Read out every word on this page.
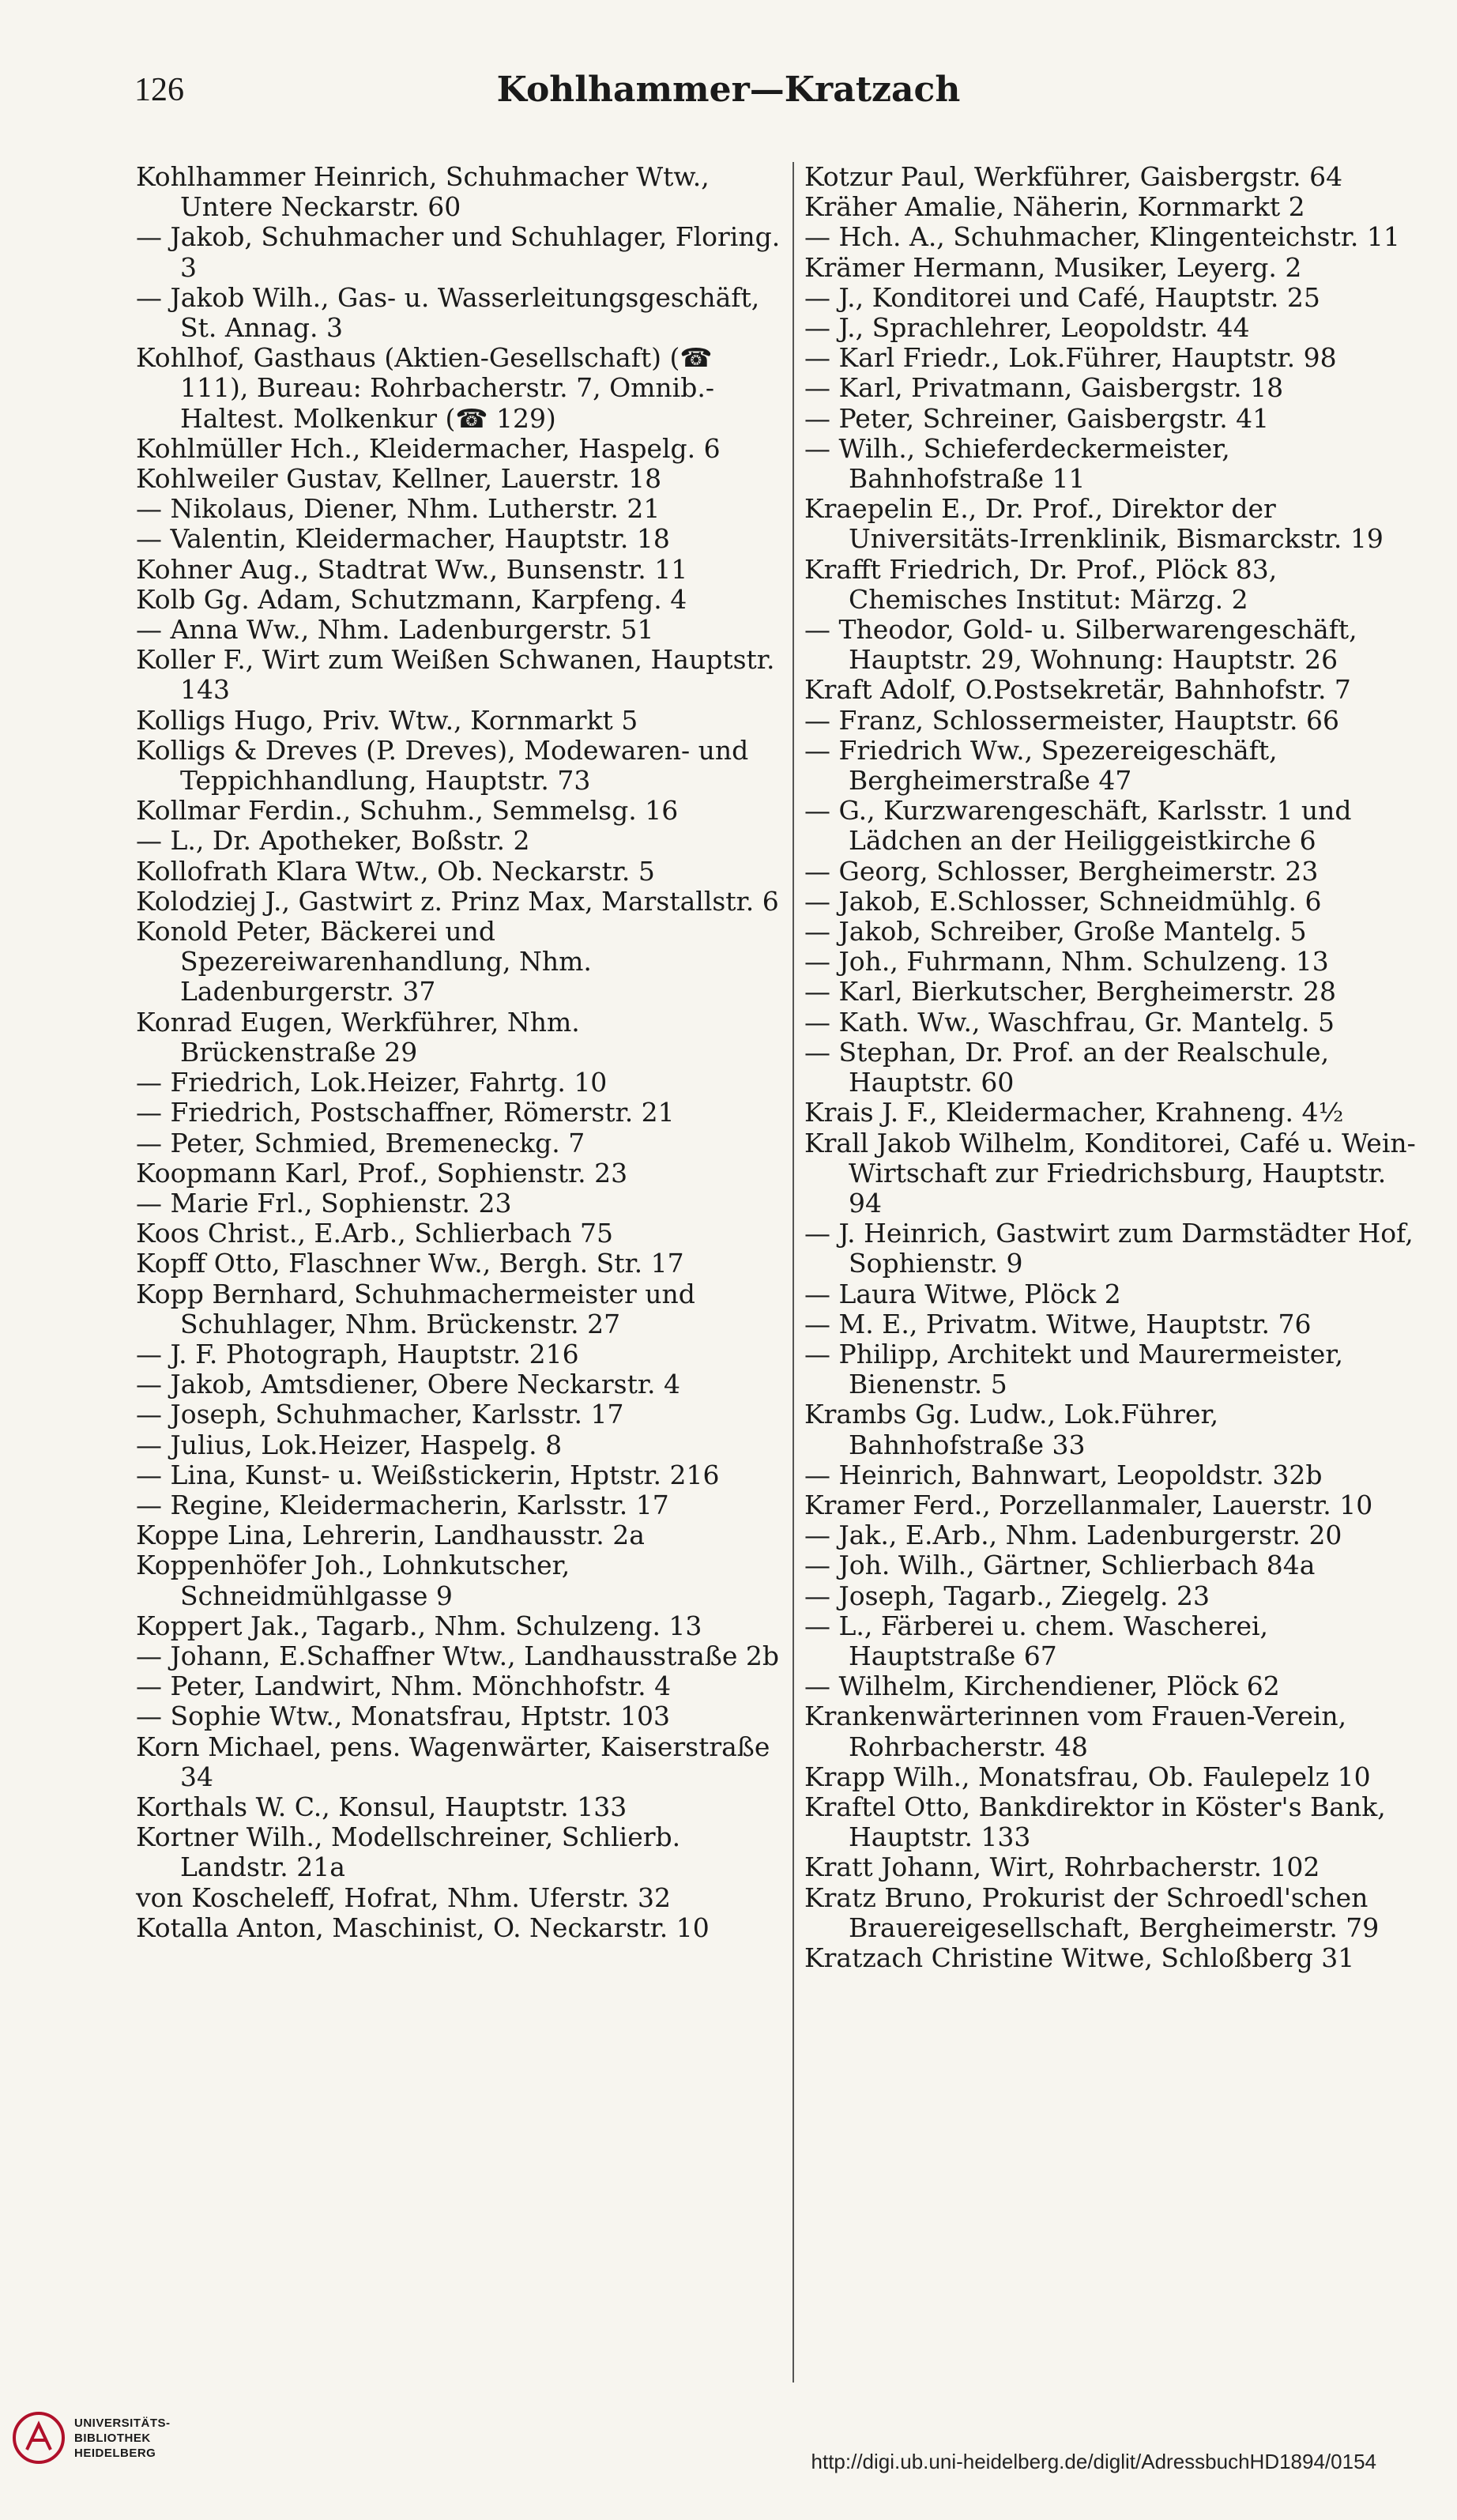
126	Kohlhammer—Kratzach
Kohlhammer Heinrich, Schuhmacher Wtw., Untere Neckarstr. 60
— Jakob, Schuhmacher und Schuhlager, Floring. 3
— Jakob Wilh., Gas- u. Wasserleitungsgeschäft, St. Annag. 3
Kohlhof, Gasthaus (Aktien-Gesellschaft) (☎ 111), Bureau: Rohrbacherstr. 7, Omnib.-Haltest. Molkenkur (☎ 129)
Kohlmüller Hch., Kleidermacher, Haspelg. 6
Kohlweiler Gustav, Kellner, Lauerstr. 18
— Nikolaus, Diener, Nhm. Lutherstr. 21
— Valentin, Kleidermacher, Hauptstr. 18
Kohner Aug., Stadtrat Ww., Bunsenstr. 11
Kolb Gg. Adam, Schutzmann, Karpfeng. 4
— Anna Ww., Nhm. Ladenburgerstr. 51
Koller F., Wirt zum Weißen Schwanen, Hauptstr. 143
Kolligs Hugo, Priv. Wtw., Kornmarkt 5
Kolligs & Dreves (P. Dreves), Modewaren- und Teppichhandlung, Hauptstr. 73
Kollmar Ferdin., Schuhm., Semmelsg. 16
— L., Dr. Apotheker, Boßstr. 2
Kollofrath Klara Wtw., Ob. Neckarstr. 5
Kolodziej J., Gastwirt z. Prinz Max, Marstallstr. 6
Konold Peter, Bäckerei und Spezereiwarenhandlung, Nhm. Ladenburgerstr. 37
Konrad Eugen, Werkführer, Nhm. Brückenstraße 29
— Friedrich, Lok.Heizer, Fahrtg. 10
— Friedrich, Postschaffner, Römerstr. 21
— Peter, Schmied, Bremeneckg. 7
Koopmann Karl, Prof., Sophienstr. 23
— Marie Frl., Sophienstr. 23
Koos Christ., E.Arb., Schlierbach 75
Kopff Otto, Flaschner Ww., Bergh. Str. 17
Kopp Bernhard, Schuhmachermeister und Schuhlager, Nhm. Brückenstr. 27
— J. F. Photograph, Hauptstr. 216
— Jakob, Amtsdiener, Obere Neckarstr. 4
— Joseph, Schuhmacher, Karlsstr. 17
— Julius, Lok.Heizer, Haspelg. 8
— Lina, Kunst- u. Weißstickerin, Hptstr. 216
— Regine, Kleidermacherin, Karlsstr. 17
Koppe Lina, Lehrerin, Landhausstr. 2a
Koppenhöfer Joh., Lohnkutscher, Schneidmühlgasse 9
Koppert Jak., Tagarb., Nhm. Schulzeng. 13
— Johann, E.Schaffner Wtw., Landhausstraße 2b
— Peter, Landwirt, Nhm. Mönchhofstr. 4
— Sophie Wtw., Monatsfrau, Hptstr. 103
Korn Michael, pens. Wagenwärter, Kaiserstraße 34
Korthals W. C., Konsul, Hauptstr. 133
Kortner Wilh., Modellschreiner, Schlierb. Landstr. 21a
von Koscheleff, Hofrat, Nhm. Uferstr. 32
Kotalla Anton, Maschinist, O. Neckarstr. 10
Kotzur Paul, Werkführer, Gaisbergstr. 64
Kräher Amalie, Näherin, Kornmarkt 2
— Hch. A., Schuhmacher, Klingenteichstr. 11
Krämer Hermann, Musiker, Leyerg. 2
— J., Konditorei und Café, Hauptstr. 25
— J., Sprachlehrer, Leopoldstr. 44
— Karl Friedr., Lok.Führer, Hauptstr. 98
— Karl, Privatmann, Gaisbergstr. 18
— Peter, Schreiner, Gaisbergstr. 41
— Wilh., Schieferdeckermeister, Bahnhofstraße 11
Kraepelin E., Dr. Prof., Direktor der Universitäts-Irrenklinik, Bismarckstr. 19
Krafft Friedrich, Dr. Prof., Plöck 83, Chemisches Institut: Märzg. 2
— Theodor, Gold- u. Silberwarengeschäft, Hauptstr. 29, Wohnung: Hauptstr. 26
Kraft Adolf, O.Postsekretär, Bahnhofstr. 7
— Franz, Schlossermeister, Hauptstr. 66
— Friedrich Ww., Spezereigeschäft, Bergheimerstraße 47
— G., Kurzwarengeschäft, Karlsstr. 1 und Lädchen an der Heiliggeistkirche 6
— Georg, Schlosser, Bergheimerstr. 23
— Jakob, E.Schlosser, Schneidmühlg. 6
— Jakob, Schreiber, Große Mantelg. 5
— Joh., Fuhrmann, Nhm. Schulzeng. 13
— Karl, Bierkutscher, Bergheimerstr. 28
— Kath. Ww., Waschfrau, Gr. Mantelg. 5
— Stephan, Dr. Prof. an der Realschule, Hauptstr. 60
Krais J. F., Kleidermacher, Krahneng. 4½
Krall Jakob Wilhelm, Konditorei, Café u. Wein-Wirtschaft zur Friedrichsburg, Hauptstr. 94
— J. Heinrich, Gastwirt zum Darmstädter Hof, Sophienstr. 9
— Laura Witwe, Plöck 2
— M. E., Privatm. Witwe, Hauptstr. 76
— Philipp, Architekt und Maurermeister, Bienenstr. 5
Krambs Gg. Ludw., Lok.Führer, Bahnhofstraße 33
— Heinrich, Bahnwart, Leopoldstr. 32b
Kramer Ferd., Porzellanmaler, Lauerstr. 10
— Jak., E.Arb., Nhm. Ladenburgerstr. 20
— Joh. Wilh., Gärtner, Schlierbach 84a
— Joseph, Tagarb., Ziegelg. 23
— L., Färberei u. chem. Wascherei, Hauptstraße 67
— Wilhelm, Kirchendiener, Plöck 62
Krankenwärterinnen vom Frauen-Verein, Rohrbacherstr. 48
Krapp Wilh., Monatsfrau, Ob. Faulepelz 10
Kraftel Otto, Bankdirektor in Köster's Bank, Hauptstr. 133
Kratt Johann, Wirt, Rohrbacherstr. 102
Kratz Bruno, Prokurist der Schroedl'schen Brauereigesellschaft, Bergheimerstr. 79
Kratzach Christine Witwe, Schloßberg 31
UNIVERSITÄTS-
BIBLIOTHEK
HEIDELBERG	http://digi.ub.uni-heidelberg.de/diglit/AdressbuchHD1894/0154
